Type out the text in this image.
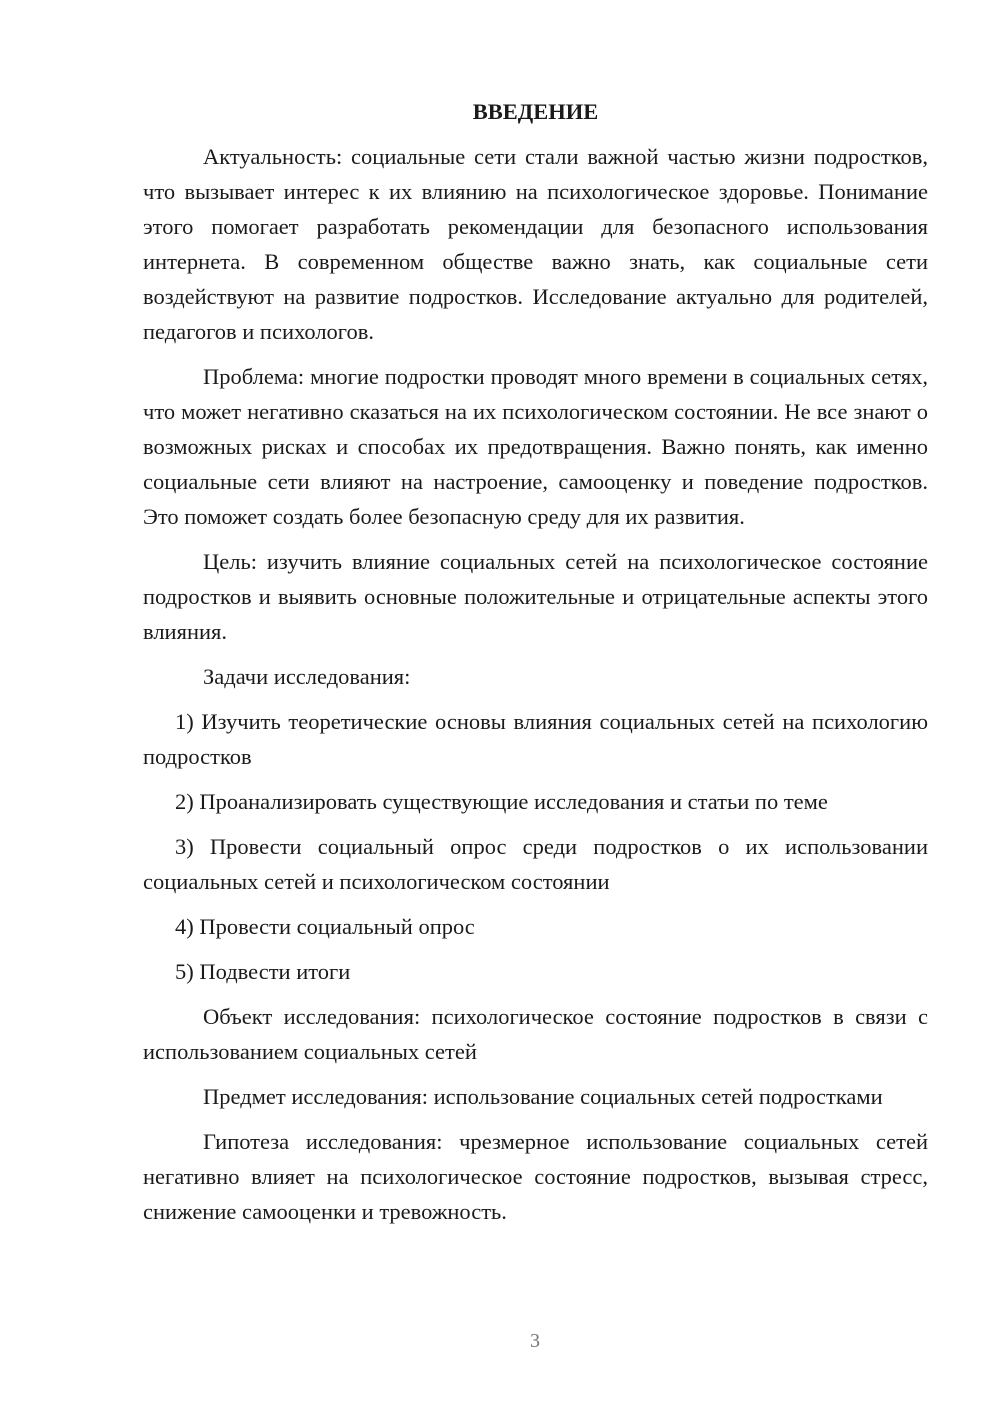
ВВЕДЕНИЕ

Актуальность: социальные сети стали важной частью жизни подростков, что вызывает интерес к их влиянию на психологическое здоровье. Понимание этого помогает разработать рекомендации для безопасного использования интернета. В современном обществе важно знать, как социальные сети воздействуют на развитие подростков. Исследование актуально для родителей, педагогов и психологов.

Проблема: многие подростки проводят много времени в социальных сетях, что может негативно сказаться на их психологическом состоянии. Не все знают о возможных рисках и способах их предотвращения. Важно понять, как именно социальные сети влияют на настроение, самооценку и поведение подростков. Это поможет создать более безопасную среду для их развития.

Цель: изучить влияние социальных сетей на психологическое состояние подростков и выявить основные положительные и отрицательные аспекты этого влияния.

Задачи исследования:

1) Изучить теоретические основы влияния социальных сетей на психологию подростков

2) Проанализировать существующие исследования и статьи по теме

3) Провести социальный опрос среди подростков о их использовании социальных сетей и психологическом состоянии

4) Провести социальный опрос

5) Подвести итоги

Объект исследования: психологическое состояние подростков в связи с использованием социальных сетей

Предмет исследования: использование социальных сетей подростками

Гипотеза исследования: чрезмерное использование социальных сетей негативно влияет на психологическое состояние подростков, вызывая стресс, снижение самооценки и тревожность.

3
